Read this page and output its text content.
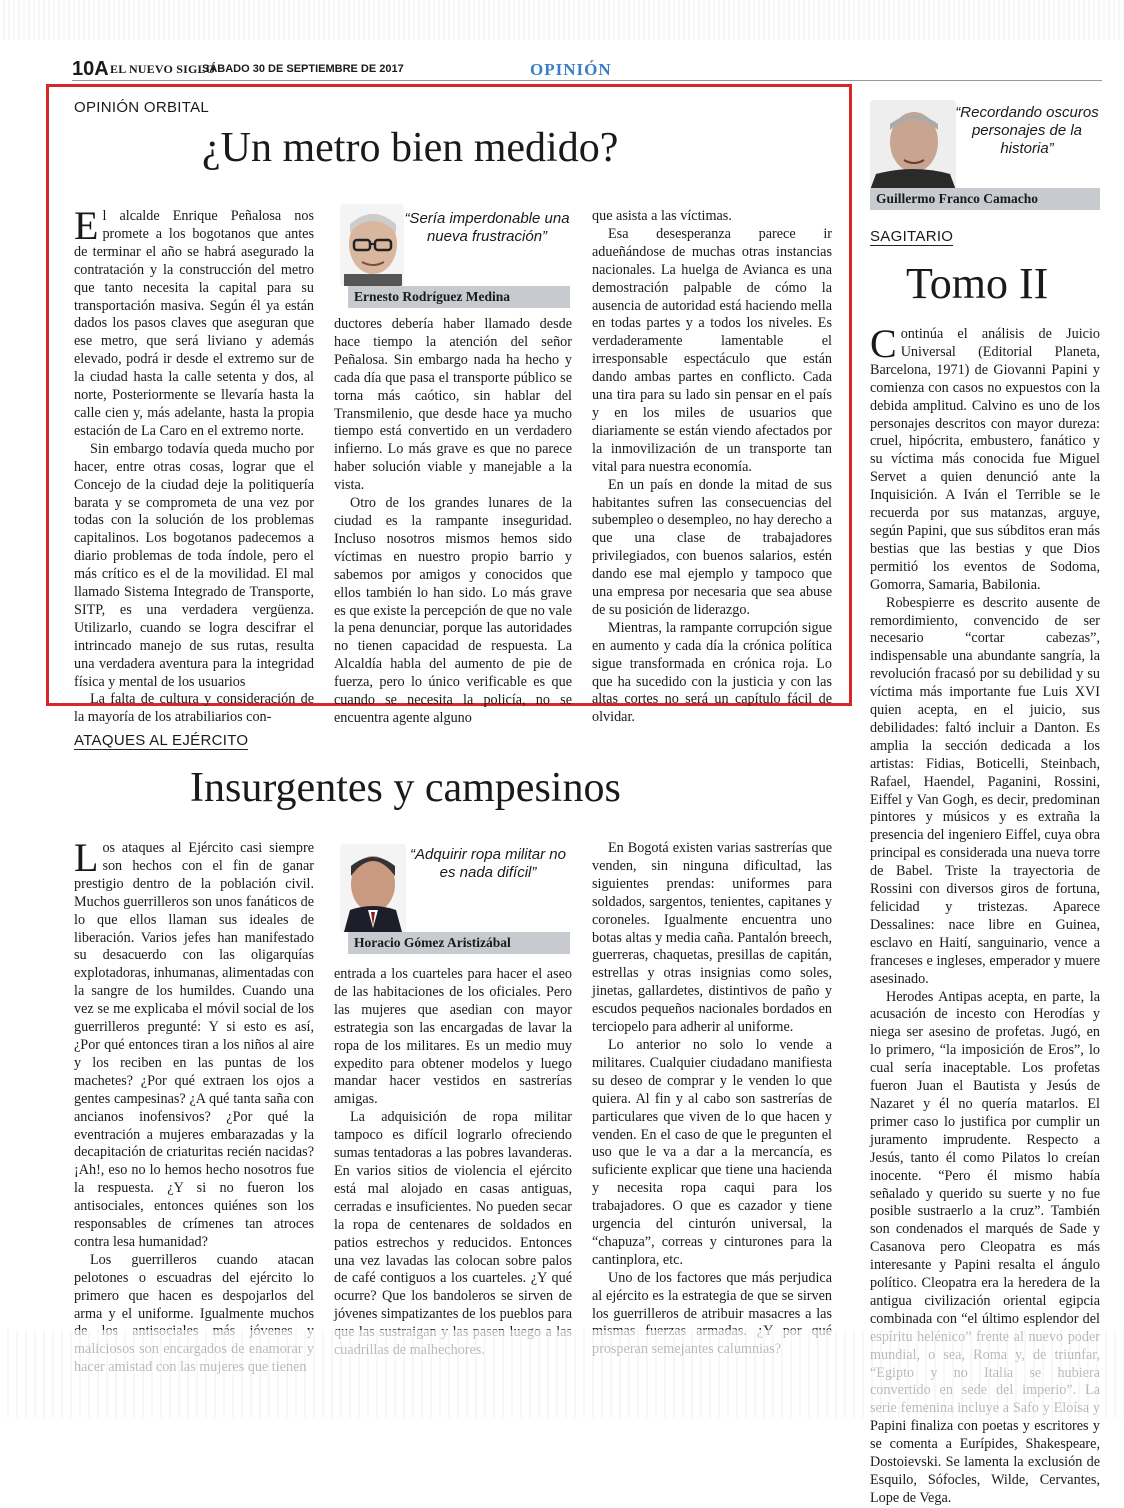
10A EL NUEVO SIGLO
SÁBADO 30 DE SEPTIEMBRE DE 2017	OPINIÓN
OPINIÓN ORBITAL
¿Un metro bien medido?

El alcalde Enrique Peñalosa nos promete a los bogotanos que antes de terminar el año se habrá asegurado la contratación y la construcción del metro que tanto necesita la capital para su transportación masiva. Según él ya están dados los pasos claves que aseguran que ese metro, que será liviano y además elevado, podrá ir desde el extremo sur de la ciudad hasta la calle setenta y dos, al norte, Posteriormente se llevaría hasta la calle cien y, más adelante, hasta la propia estación de La Caro en el extremo norte.

Sin embargo todavía queda mucho por hacer, entre otras cosas, lograr que el Concejo de la ciudad deje la politiquería barata y se comprometa de una vez por todas con la solución de los problemas capitalinos. Los bogotanos padecemos a diario problemas de toda índole, pero el más crítico es el de la movilidad. El mal llamado Sistema Integrado de Transporte, SITP, es una verdadera vergüenza. Utilizarlo, cuando se logra descifrar el intrincado manejo de sus rutas, resulta una verdadera aventura para la integridad física y mental de los usuarios

La falta de cultura y consideración de la mayoría de los atrabiliarios con-

“Sería imperdonable una nueva frustración”
Ernesto Rodríguez Medina

ductores debería haber llamado desde hace tiempo la atención del señor Peñalosa. Sin embargo nada ha hecho y cada día que pasa el transporte público se torna más caótico, sin hablar del Transmilenio, que desde hace ya mucho tiempo está convertido en un verdadero infierno. Lo más grave es que no parece haber solución viable y manejable a la vista.

Otro de los grandes lunares de la ciudad es la rampante inseguridad. Incluso nosotros mismos hemos sido víctimas en nuestro propio barrio y sabemos por amigos y conocidos que ellos también lo han sido. Lo más grave es que existe la percepción de que no vale la pena denunciar, porque las autoridades no tienen capacidad de respuesta. La Alcaldía habla del aumento de pie de fuerza, pero lo único verificable es que cuando se necesita la policía, no se encuentra agente alguno

que asista a las víctimas.

Esa desesperanza parece ir adueñándose de muchas otras instancias nacionales. La huelga de Avianca es una demostración palpable de cómo la ausencia de autoridad está haciendo mella en todas partes y a todos los niveles. Es verdaderamente lamentable el irresponsable espectáculo que están dando ambas partes en conflicto. Cada una tira para su lado sin pensar en el país y en los miles de usuarios que diariamente se están viendo afectados por la inmovilización de un transporte tan vital para nuestra economía.

En un país en donde la mitad de sus habitantes sufren las consecuencias del subempleo o desempleo, no hay derecho a que una clase de trabajadores privilegiados, con buenos salarios, estén dando ese mal ejemplo y tampoco que una empresa por necesaria que sea abuse de su posición de liderazgo.

Mientras, la rampante corrupción sigue en aumento y cada día la crónica política sigue transformada en crónica roja. Lo que ha sucedido con la justicia y con las altas cortes no será un capítulo fácil de olvidar.

ATAQUES AL EJÉRCITO
Insurgentes y campesinos

Los ataques al Ejército casi siempre son hechos con el fin de ganar prestigio dentro de la población civil. Muchos guerrilleros son unos fanáticos de lo que ellos llaman sus ideales de liberación. Varios jefes han manifestado su desacuerdo con las oligarquías explotadoras, inhumanas, alimentadas con la sangre de los humildes. Cuando una vez se me explicaba el móvil social de los guerrilleros pregunté: Y si esto es así, ¿Por qué entonces tiran a los niños al aire y los reciben en las puntas de los machetes? ¿Por qué extraen los ojos a gentes campesinas? ¿A qué tanta saña con ancianos inofensivos? ¿Por qué la eventración a mujeres embarazadas y la decapitación de criaturitas recién nacidas? ¡Ah!, eso no lo hemos hecho nosotros fue la respuesta. ¿Y si no fueron los antisociales, entonces quiénes son los responsables de crímenes tan atroces contra lesa humanidad?

Los guerrilleros cuando atacan pelotones o escuadras del ejército lo primero que hacen es despojarlos del arma y el uniforme. Igualmente muchos

“Adquirir ropa militar no es nada difícil”
Horacio Gómez Aristizábal

entrada a los cuarteles para hacer el aseo de las habitaciones de los oficiales. Pero las mujeres que asedian con mayor estrategia son las encargadas de lavar la ropa de los militares. Es un medio muy expedito para obtener modelos y luego mandar hacer vestidos en sastrerías amigas.

La adquisición de ropa militar tampoco es difícil lograrlo ofreciendo sumas tentadoras a las pobres lavanderas. En varios sitios de violencia el ejército está mal alojado en casas antiguas, cerradas e insuficientes. No pueden secar la ropa de centenares de soldados en patios estrechos y reducidos. Entonces una vez lavadas las colocan sobre palos de café contiguos a los cuarteles. ¿Y qué ocurre? Que los bandoleros se sirven de jóvenes simpatizantes de los pueblos para

En Bogotá existen varias sastrerías que venden, sin ninguna dificultad, las siguientes prendas: uniformes para soldados, sargentos, tenientes, capitanes y coroneles. Igualmente encuentra uno botas altas y media caña. Pantalón breech, guerreras, chaquetas, presillas de capitán, estrellas y otras insignias como soles, jinetas, gallardetes, distintivos de paño y escudos pequeños nacionales bordados en terciopelo para adherir al uniforme.

Lo anterior no solo lo vende a militares. Cualquier ciudadano manifiesta su deseo de comprar y le venden lo que quiera. Al fin y al cabo son sastrerías de particulares que viven de lo que hacen y venden. En el caso de que le pregunten el uso que le va a dar a la mercancía, es suficiente explicar que tiene una hacienda y necesita ropa caqui para los trabajadores. O que es cazador y tiene urgencia del cinturón universal, la “chapuza”, correas y cinturones para la cantinplora, etc.

Uno de los factores que más perjudica al ejército es la estrategia de que se sirven los guerrilleros de atribuir masacres a las

“Recordando oscuros personajes de la historia”
Guillermo Franco Camacho
SAGITARIO
Tomo II

Continúa el análisis de Juicio Universal (Editorial Planeta, Barcelona, 1971) de Giovanni Papini y comienza con casos no expuestos con la debida amplitud. Calvino es uno de los personajes descritos con mayor dureza: cruel, hipócrita, embustero, fanático y su víctima más conocida fue Miguel Servet a quien denunció ante la Inquisición. A Iván el Terrible se le recuerda por sus matanzas, arguye, según Papini, que sus súbditos eran más bestias que las bestias y que Dios permitió los eventos de Sodoma, Gomorra, Samaria, Babilonia.

Robespierre es descrito ausente de remordimiento, convencido de ser necesario “cortar cabezas”, indispensable una abundante sangría, la revolución fracasó por su debilidad y su víctima más importante fue Luis XVI quien acepta, en el juicio, sus debilidades: faltó incluir a Danton. Es amplia la sección dedicada a los artistas: Fidias, Boticelli, Steinbach, Rafael, Haendel, Paganini, Rossini, Eiffel y Van Gogh, es decir, predominan pintores y músicos y es extraña la presencia del ingeniero Eiffel, cuya obra principal es considerada una nueva torre de Babel. Triste la trayectoria de Rossini con diversos giros de fortuna, felicidad y tristezas. Aparece Dessalines: nace libre en Guinea, esclavo en Haití, sanguinario, vence a franceses e ingleses, emperador y muere asesinado.

Herodes Antipas acepta, en parte, la acusación de incesto con Herodías y niega ser asesino de profetas. Jugó, en lo primero, “la imposición de Eros”, lo cual sería inaceptable. Los profetas fueron Juan el Bautista y Jesús de Nazaret y él no quería matarlos. El primer caso lo justifica por cumplir un juramento imprudente. Respecto a Jesús, tanto él como Pilatos lo creían inocente. “Pero él mismo había señalado y querido su suerte y no fue posible sustraerlo a la cruz”. También son condenados el marqués de Sade y Casanova pero Cleopatra es más interesante y Papini resalta el ángulo político. Cleopatra era la heredera de la antigua civilización oriental egipcia combinada con “el último esplendor del Papini finaliza con poetas y escritores y se comenta a Eurípides, Shakespeare, Dostoievski. Se lamenta la exclusión de Esquilo, Sófocles, Wilde, Cervantes, Lope de Vega.
